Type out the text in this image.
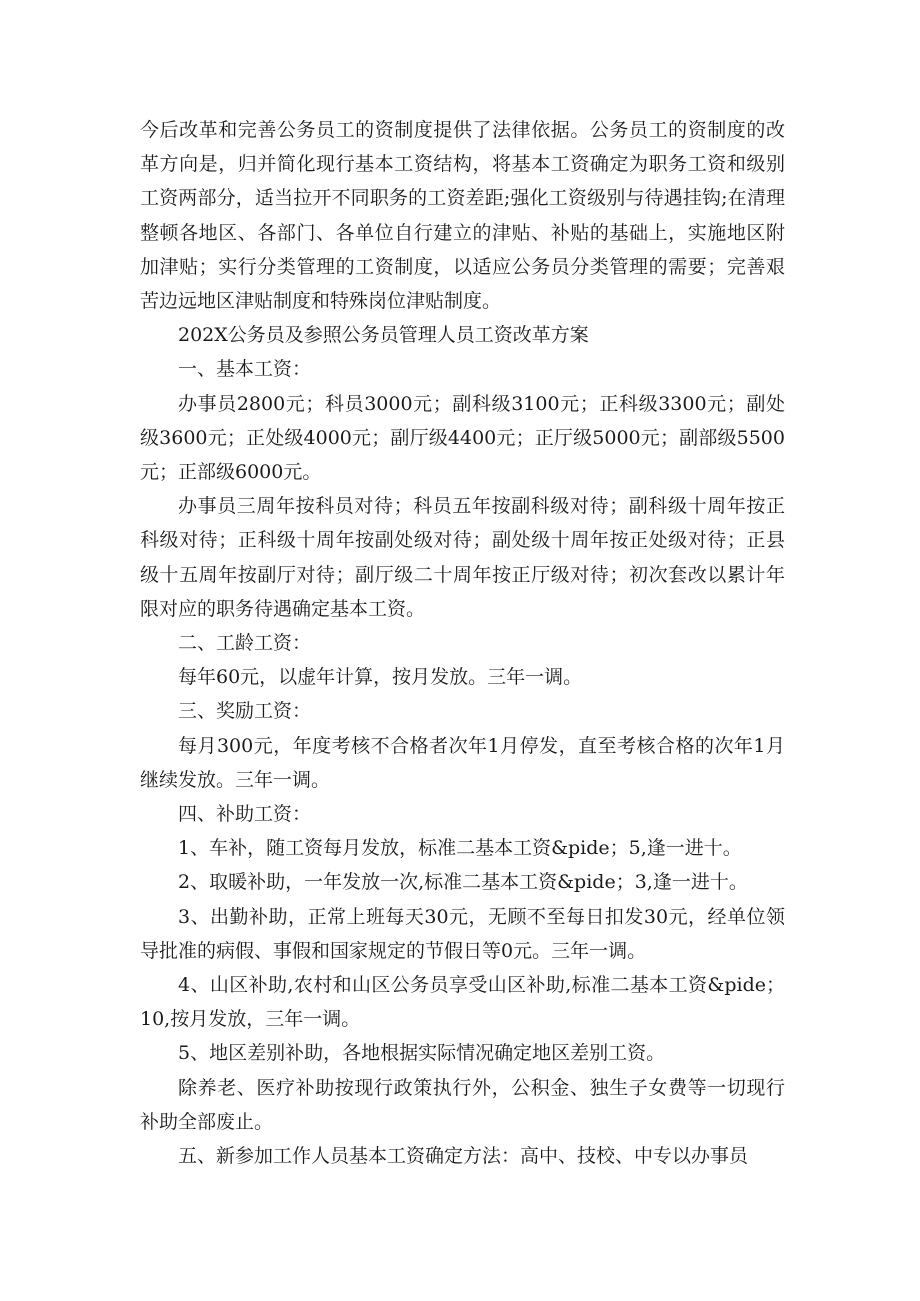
今后改革和完善公务员工的资制度提供了法律依据。公务员工的资制度的改革方向是，归并简化现行基本工资结构，将基本工资确定为职务工资和级别工资两部分，适当拉开不同职务的工资差距;强化工资级别与待遇挂钩;在清理整顿各地区、各部门、各单位自行建立的津贴、补贴的基础上，实施地区附加津贴；实行分类管理的工资制度，以适应公务员分类管理的需要；完善艰苦边远地区津贴制度和特殊岗位津贴制度。

202X公务员及参照公务员管理人员工资改革方案

一、基本工资：

办事员2800元；科员3000元；副科级3100元；正科级3300元；副处级3600元；正处级4000元；副厅级4400元；正厅级5000元；副部级5500元；正部级6000元。

办事员三周年按科员对待；科员五年按副科级对待；副科级十周年按正科级对待；正科级十周年按副处级对待；副处级十周年按正处级对待；正县级十五周年按副厅对待；副厅级二十周年按正厅级对待；初次套改以累计年限对应的职务待遇确定基本工资。

二、工龄工资：

每年60元，以虚年计算，按月发放。三年一调。

三、奖励工资：

每月300元，年度考核不合格者次年1月停发，直至考核合格的次年1月继续发放。三年一调。

四、补助工资：

1、车补，随工资每月发放，标准二基本工资&pide；5,逢一进十。

2、取暖补助，一年发放一次,标准二基本工资&pide；3,逢一进十。

3、出勤补助，正常上班每天30元，无顾不至每日扣发30元，经单位领导批准的病假、事假和国家规定的节假日等0元。三年一调。

4、山区补助,农村和山区公务员享受山区补助,标准二基本工资&pide；10,按月发放，三年一调。

5、地区差别补助，各地根据实际情况确定地区差别工资。

除养老、医疗补助按现行政策执行外，公积金、独生子女费等一切现行补助全部废止。

五、新参加工作人员基本工资确定方法：高中、技校、中专以办事员
